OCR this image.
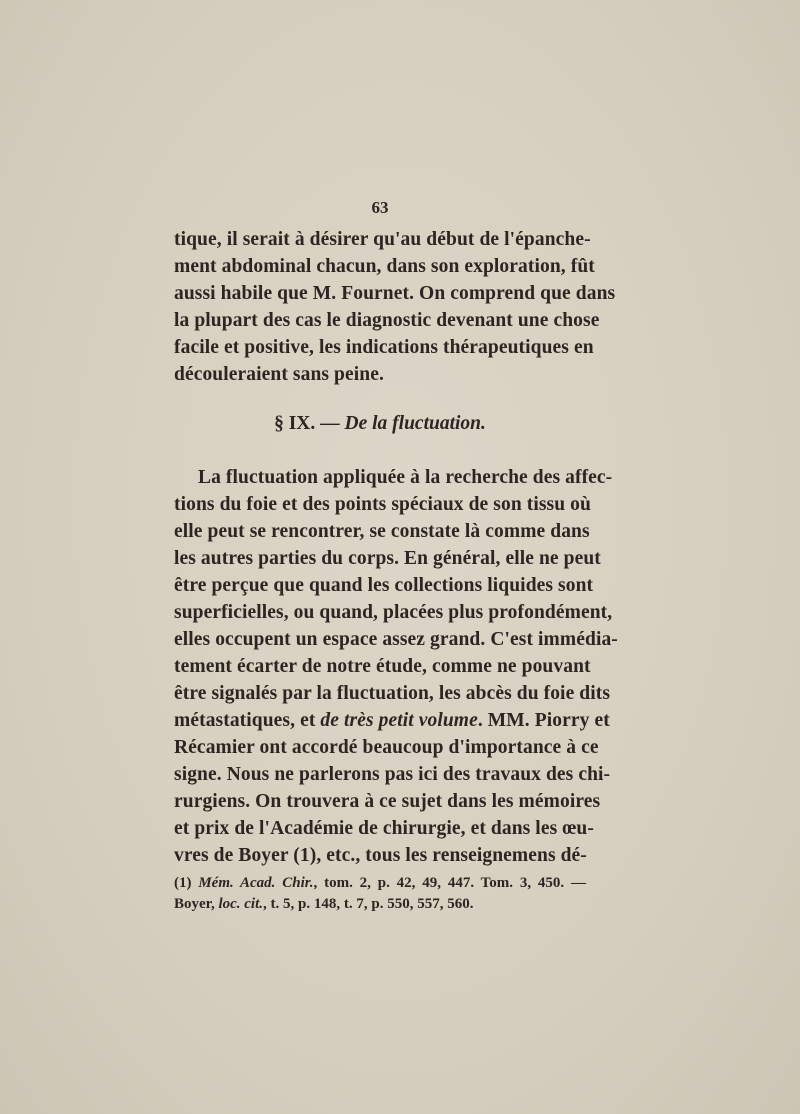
63
tique, il serait à désirer qu'au début de l'épanche-
ment abdominal chacun, dans son exploration, fût
aussi habile que M. Fournet. On comprend que dans
la plupart des cas le diagnostic devenant une chose
facile et positive, les indications thérapeutiques en
découleraient sans peine.
§ IX. — De la fluctuation.
La fluctuation appliquée à la recherche des affec-
tions du foie et des points spéciaux de son tissu où
elle peut se rencontrer, se constate là comme dans
les autres parties du corps. En général, elle ne peut
être perçue que quand les collections liquides sont
superficielles, ou quand, placées plus profondément,
elles occupent un espace assez grand. C'est immédia-
tement écarter de notre étude, comme ne pouvant
être signalés par la fluctuation, les abcès du foie dits
métastatiques, et de très petit volume. MM. Piorry et
Récamier ont accordé beaucoup d'importance à ce
signe. Nous ne parlerons pas ici des travaux des chi-
rurgiens. On trouvera à ce sujet dans les mémoires
et prix de l'Académie de chirurgie, et dans les œu-
vres de Boyer (1), etc., tous les renseignemens dé-
(1) Mém. Acad. Chir., tom. 2, p. 42, 49, 447. Tom. 3, 450. —
Boyer, loc. cit., t. 5, p. 148, t. 7, p. 550, 557, 560.
